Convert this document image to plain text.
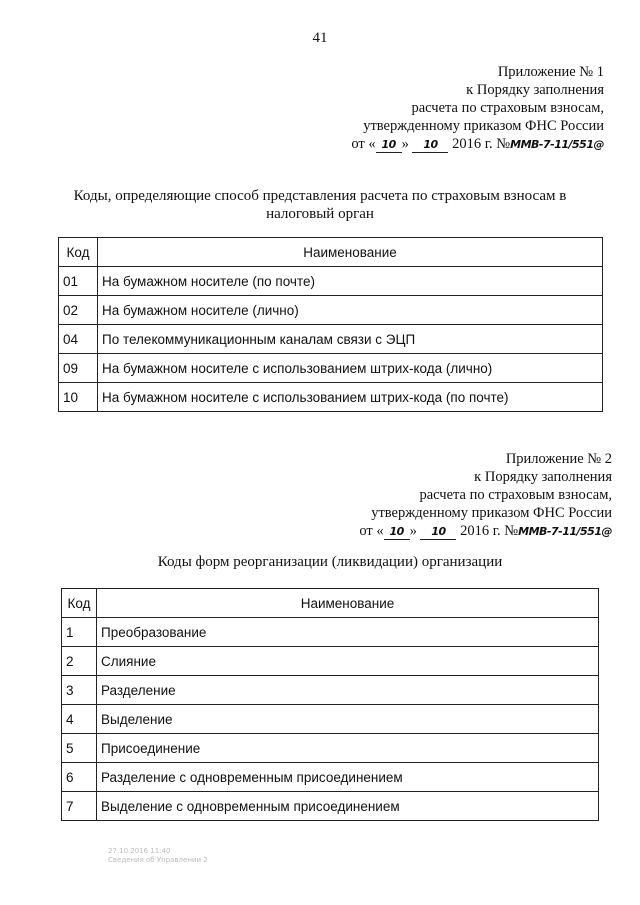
41
Приложение № 1
к Порядку заполнения
расчета по страховым взносам,
утвержденному приказом ФНС России
от « 10 » 10 2016 г. №ММВ-7-11/551@
Коды, определяющие способ представления расчета по страховым взносам в
налоговый орган
Код	Наименование
01	На бумажном носителе (по почте)
02	На бумажном носителе (лично)
04	По телекоммуникационным каналам связи с ЭЦП
09	На бумажном носителе с использованием штрих-кода (лично)
10	На бумажном носителе с использованием штрих-кода (по почте)
Приложение № 2
к Порядку заполнения
расчета по страховым взносам,
утвержденному приказом ФНС России
от « 10 » 10 2016 г. №ММВ-7-11/551@
Коды форм реорганизации (ликвидации) организации
Код	Наименование
1	Преобразование
2	Слияние
3	Разделение
4	Выделение
5	Присоединение
6	Разделение с одновременным присоединением
7	Выделение с одновременным присоединением
27.10.2016 11:40
Сведения об Управлении 2
